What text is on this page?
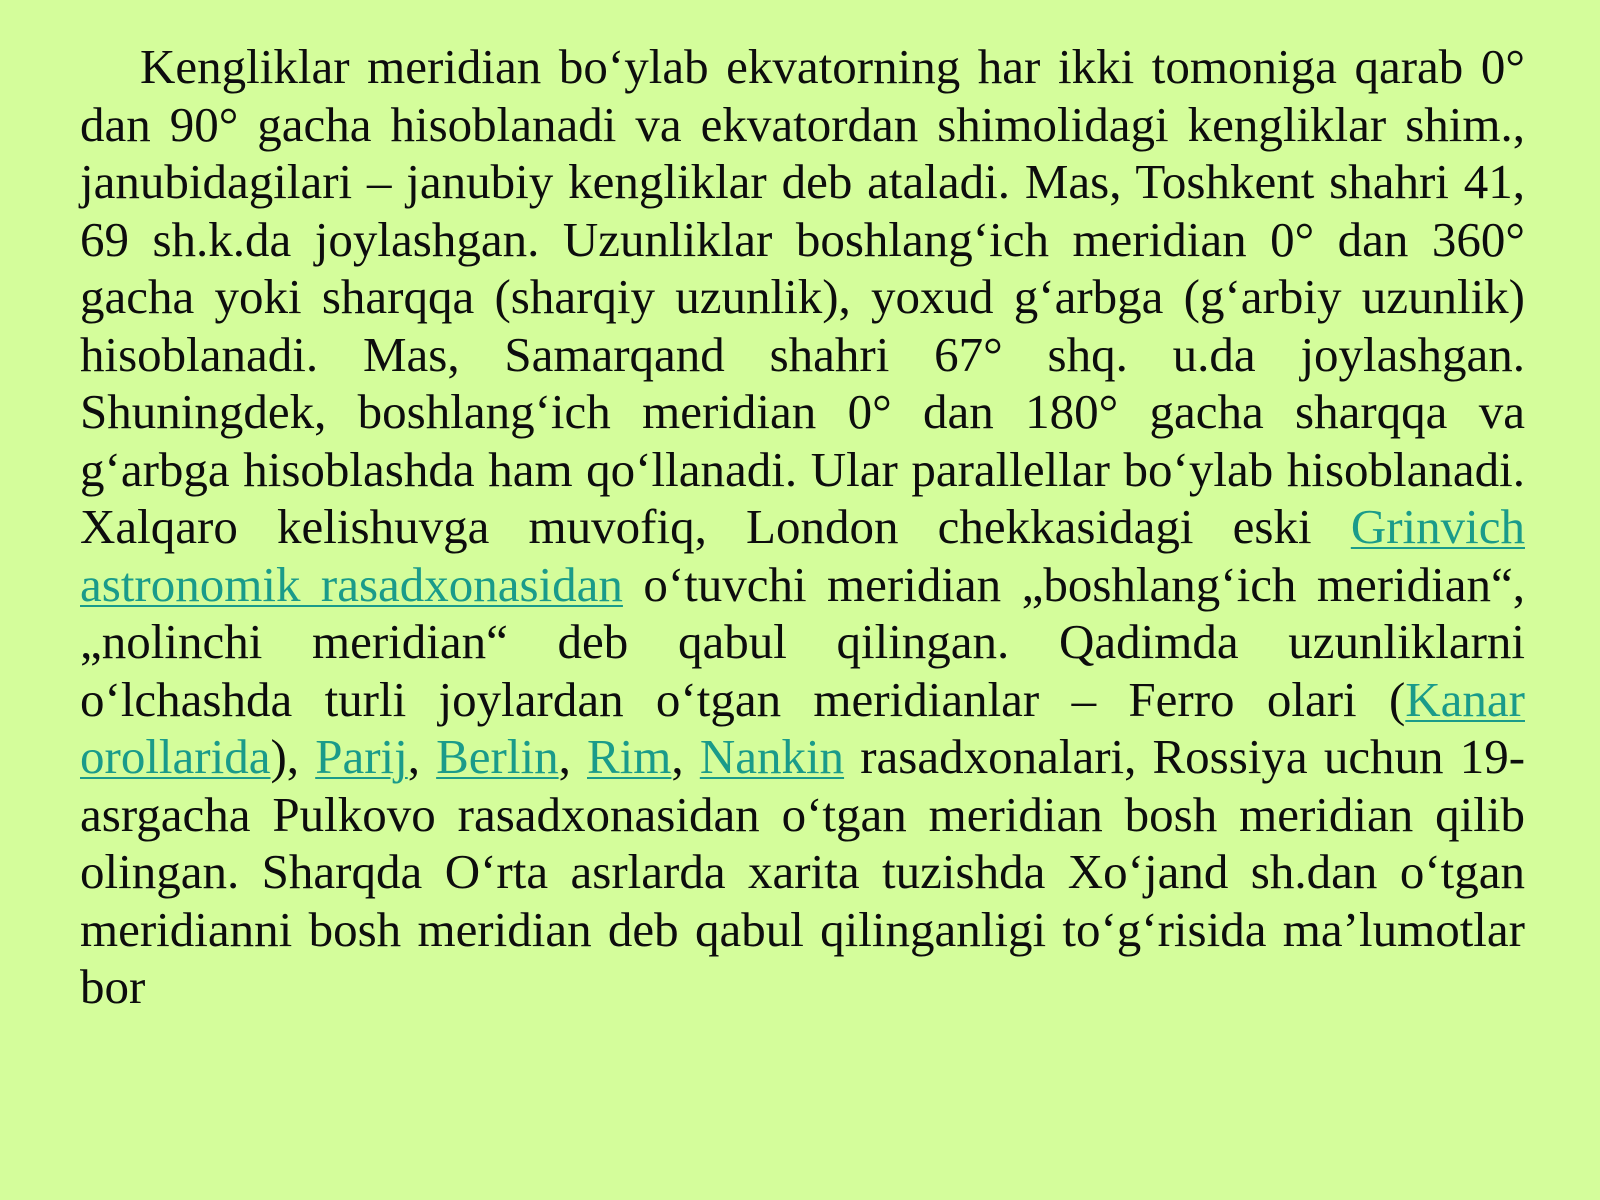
Kengliklar meridian bo‘ylab ekvatorning har ikki tomoniga qarab 0° dan 90° gacha hisoblanadi va ekvatordan shimolidagi kengliklar shim., janubidagilari – janubiy kengliklar deb ataladi. Mas, Toshkent shahri 41, 69 sh.k.da joylashgan. Uzunliklar boshlang‘ich meridian 0° dan 360° gacha yoki sharqqa (sharqiy uzunlik), yoxud g‘arbga (g‘arbiy uzunlik) hisoblanadi. Mas, Samarqand shahri 67° shq. u.da joylashgan. Shuningdek, boshlang‘ich meridian 0° dan 180° gacha sharqqa va g‘arbga hisoblashda ham qo‘llanadi. Ular parallellar bo‘ylab hisoblanadi. Xalqaro kelishuvga muvofiq, London chekkasidagi eski Grinvich astronomik rasadxonasidan o‘tuvchi meridian „boshlang‘ich meridian“, „nolinchi meridian“ deb qabul qilingan. Qadimda uzunliklarni o‘lchashda turli joylardan o‘tgan meridianlar – Ferro olari (Kanar orollarida), Parij, Berlin, Rim, Nankin rasadxonalari, Rossiya uchun 19-asrgacha Pulkovo rasadxonasidan o‘tgan meridian bosh meridian qilib olingan. Sharqda O‘rta asrlarda xarita tuzishda Xo‘jand sh.dan o‘tgan meridianni bosh meridian deb qabul qilinganligi to‘g‘risida ma’lumotlar bor
